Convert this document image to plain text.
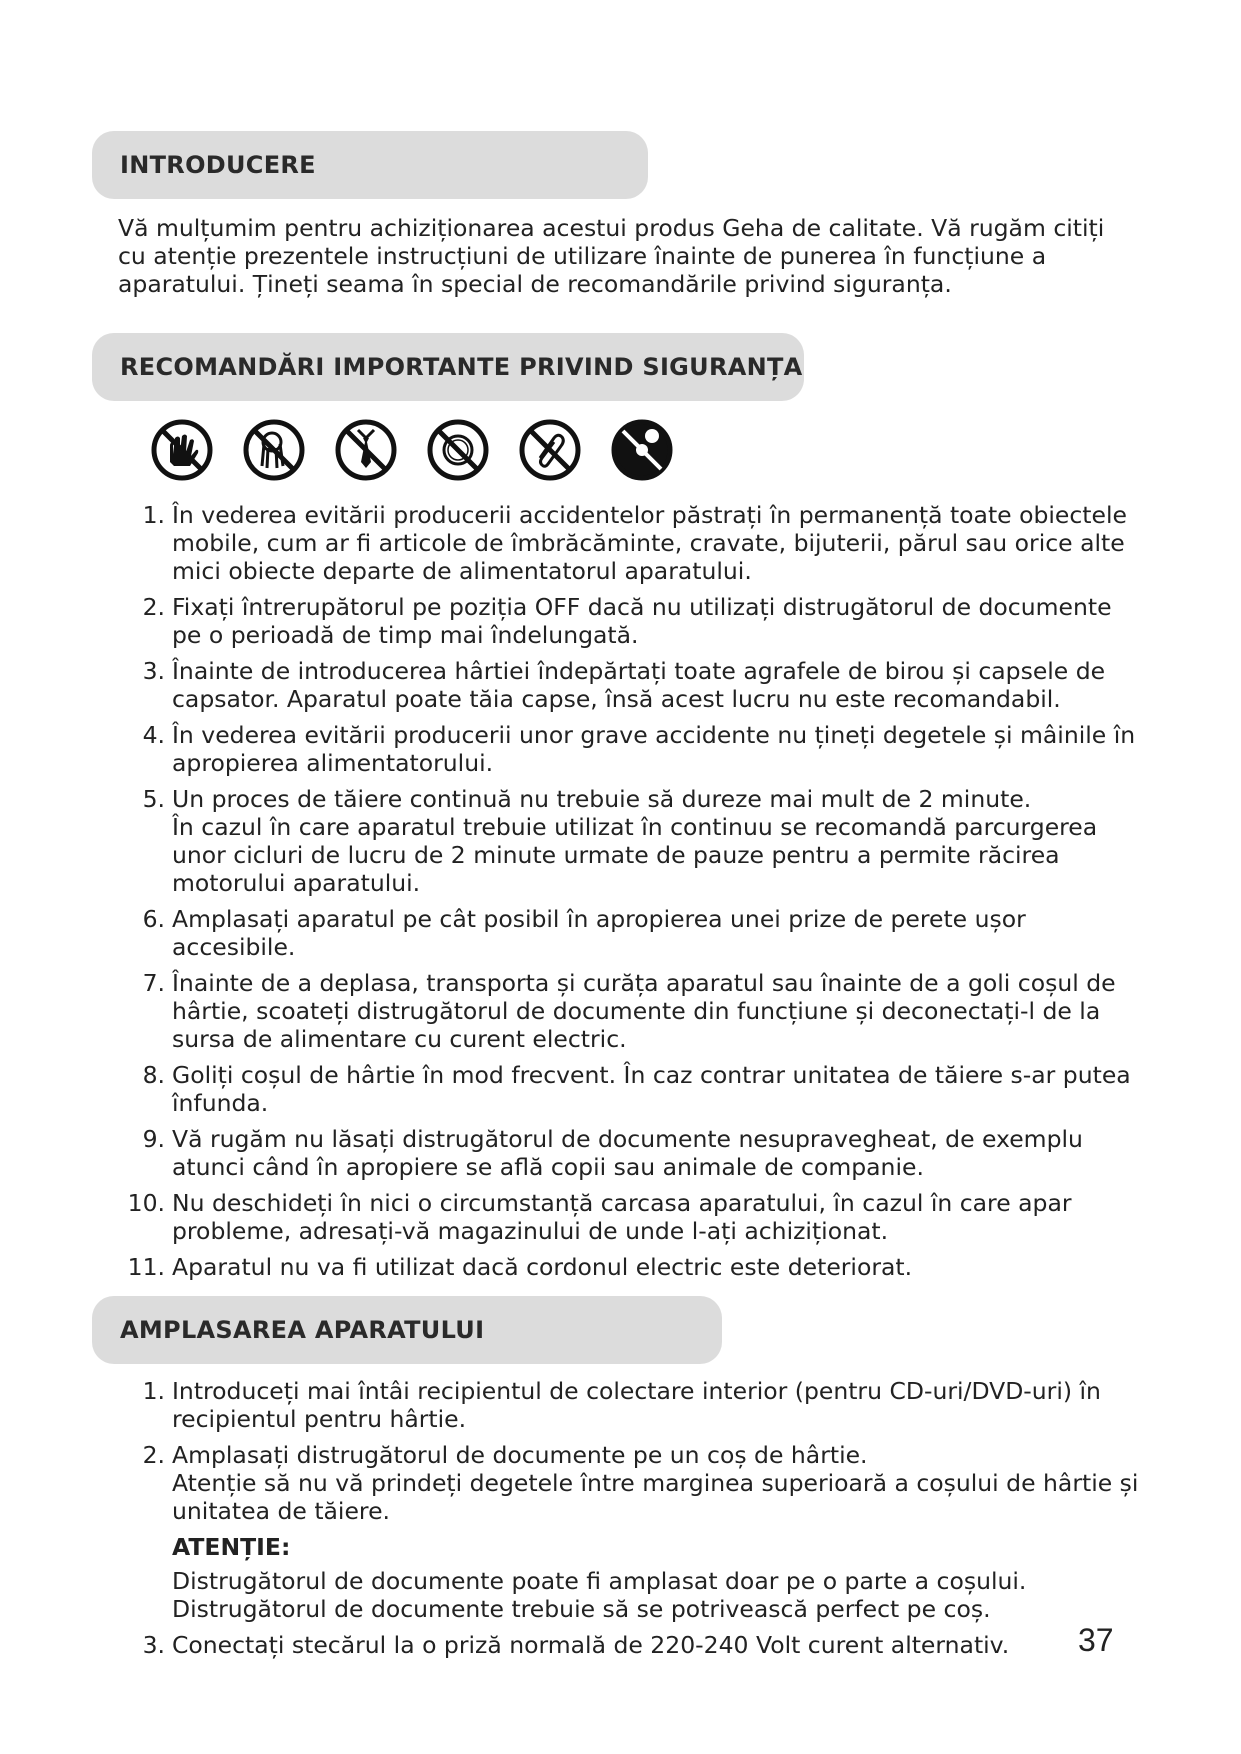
INTRODUCERE

Vă mulțumim pentru achiziționarea acestui produs Geha de calitate. Vă rugăm citiți cu atenție prezentele instrucțiuni de utilizare înainte de punerea în funcțiune a aparatului. Țineți seama în special de recomandările privind siguranța.

RECOMANDĂRI IMPORTANTE PRIVIND SIGURANȚA
1. În vederea evitării producerii accidentelor păstrați în permanență toate obiectele mobile, cum ar fi articole de îmbrăcăminte, cravate, bijuterii, părul sau orice alte mici obiecte departe de alimentatorul aparatului.
2. Fixați întrerupătorul pe poziția OFF dacă nu utilizați distrugătorul de documente pe o perioadă de timp mai îndelungată.
3. Înainte de introducerea hârtiei îndepărtați toate agrafele de birou și capsele de capsator. Aparatul poate tăia capse, însă acest lucru nu este recomandabil.
4. În vederea evitării producerii unor grave accidente nu țineți degetele și mâinile în apropierea alimentatorului.
5. Un proces de tăiere continuă nu trebuie să dureze mai mult de 2 minute.

În cazul în care aparatul trebuie utilizat în continuu se recomandă parcurgerea unor cicluri de lucru de 2 minute urmate de pauze pentru a permite răcirea motorului aparatului.

6. Amplasați aparatul pe cât posibil în apropierea unei prize de perete ușor accesibile.
7. Înainte de a deplasa, transporta și curăța aparatul sau înainte de a goli coșul de hârtie, scoateți distrugătorul de documente din funcțiune și deconectați-l de la sursa de alimentare cu curent electric.
8. Goliți coșul de hârtie în mod frecvent. În caz contrar unitatea de tăiere s-ar putea înfunda.
9. Vă rugăm nu lăsați distrugătorul de documente nesupravegheat, de exemplu atunci când în apropiere se află copii sau animale de companie.
10. Nu deschideți în nici o circumstanță carcasa aparatului, în cazul în care apar probleme, adresați-vă magazinului de unde l-ați achiziționat.
11. Aparatul nu va fi utilizat dacă cordonul electric este deteriorat.
AMPLASAREA APARATULUI
1. Introduceți mai întâi recipientul de colectare interior (pentru CD-uri/DVD-uri) în recipientul pentru hârtie.
2. Amplasați distrugătorul de documente pe un coș de hârtie.

Atenție să nu vă prindeți degetele între marginea superioară a coșului de hârtie și unitatea de tăiere.

ATENȚIE:

Distrugătorul de documente poate fi amplasat doar pe o parte a coșului. Distrugătorul de documente trebuie să se potrivească perfect pe coș.

3. Conectați stecărul la o priză normală de 220-240 Volt curent alternativ.	37
